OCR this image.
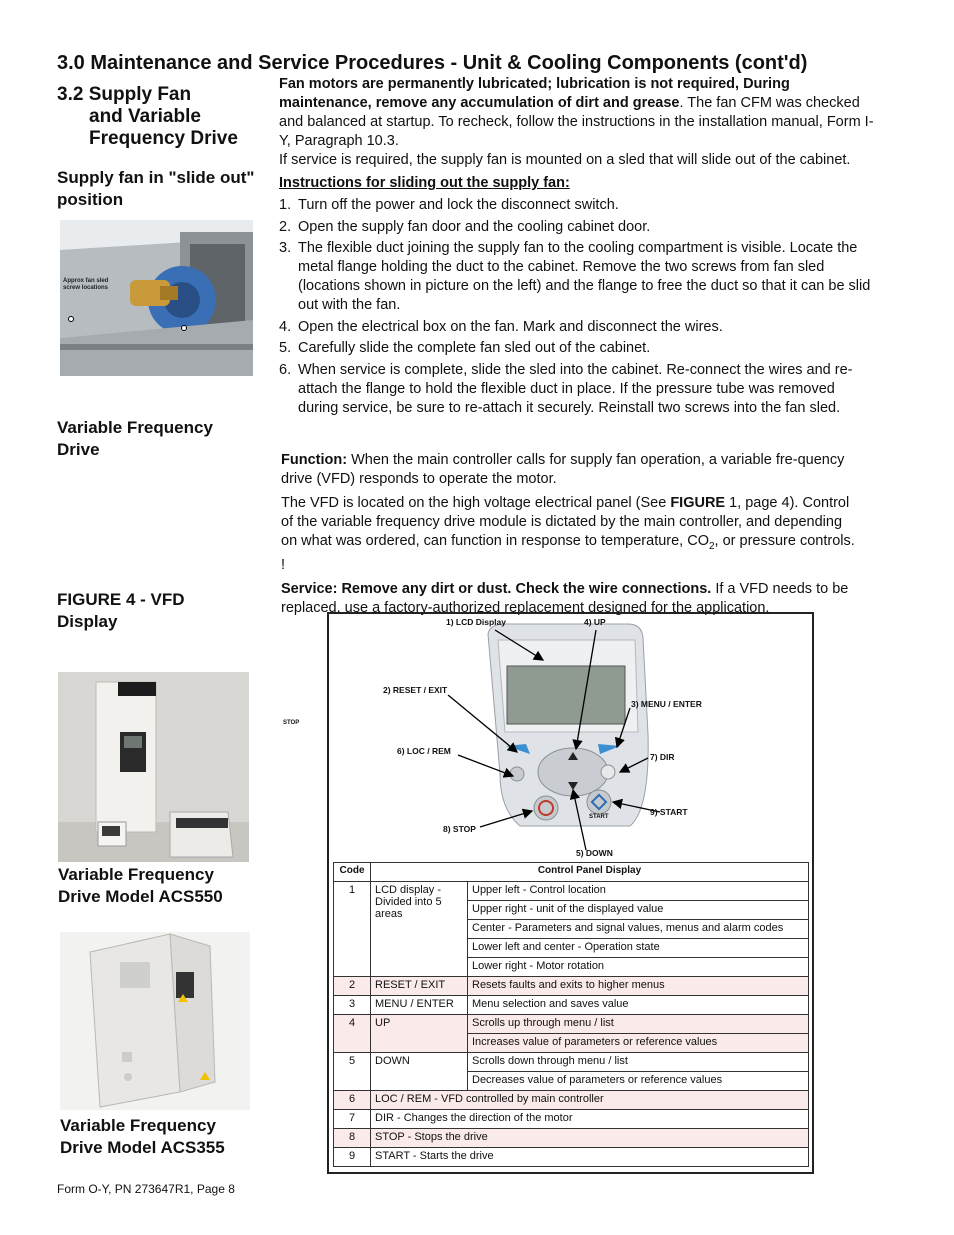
3.0 Maintenance and Service Procedures - Unit & Cooling Components (cont'd)
3.2 Supply Fan
and Variable
Frequency Drive
Supply fan in "slide out" position
Approx fan sled screw locations
Variable Frequency Drive
FIGURE 4 - VFD Display
Variable Frequency Drive Model ACS550
Variable Frequency Drive Model ACS355

Fan motors are permanently lubricated; lubrication is not required, During maintenance, remove any accumulation of dirt and grease. The fan CFM was checked and balanced at startup. To recheck, follow the instructions in the installation manual, Form I-Y, Paragraph 10.3.

If service is required, the supply fan is mounted on a sled that will slide out of the cabinet.

Instructions for sliding out the supply fan:

1. Turn off the power and lock the disconnect switch.
2. Open the supply fan door and the cooling cabinet door.
3. The flexible duct joining the supply fan to the cooling compartment is visible. Locate the metal flange holding the duct to the cabinet. Remove the two screws from fan sled (locations shown in picture on the left) and the flange to free the duct so that it can be slid out with the fan.
4. Open the electrical box on the fan. Mark and disconnect the wires.
5. Carefully slide the complete fan sled out of the cabinet.
6. When service is complete, slide the sled into the cabinet. Re-connect the wires and re-attach the flange to hold the flexible duct in place. If the pressure tube was removed during service, be sure to re-attach it securely. Reinstall two screws into the fan sled.

Function: When the main controller calls for supply fan operation, a variable fre-quency drive (VFD) responds to operate the motor.

The VFD is located on the high voltage electrical panel (See FIGURE 1, page 4). Control of the variable frequency drive module is dictated by the main controller, and depending on what was ordered, can function in response to temperature, $CO_2$, or pressure controls. !

Service: Remove any dirt or dust. Check the wire connections. If a VFD needs to be replaced, use a factory-authorized replacement designed for the application.

STOP
START
1) LCD Display	4) UP
2) RESET / EXIT
3) MENU / ENTER
6) LOC / REM
7) DIR
9) START
8) STOP
5) DOWN
Code	Control Panel Display	
1	LCD display - Divided into 5 areas	Upper left - Control location
		Upper right - unit of the displayed value
		Center - Parameters and signal values, menus and alarm codes
		Lower left and center - Operation state
		Lower right - Motor rotation
2	RESET / EXIT	Resets faults and exits to higher menus
3	MENU / ENTER	Menu selection and saves value
4	UP	Scrolls up through menu / list
		Increases value of parameters or reference values
5	DOWN	Scrolls down through menu / list
		Decreases value of parameters or reference values
6	LOC / REM - VFD controlled by main controller	
7	DIR - Changes the direction of the motor	
8	STOP - Stops the drive	
9	START - Starts the drive	
Form O-Y, PN 273647R1, Page 8
